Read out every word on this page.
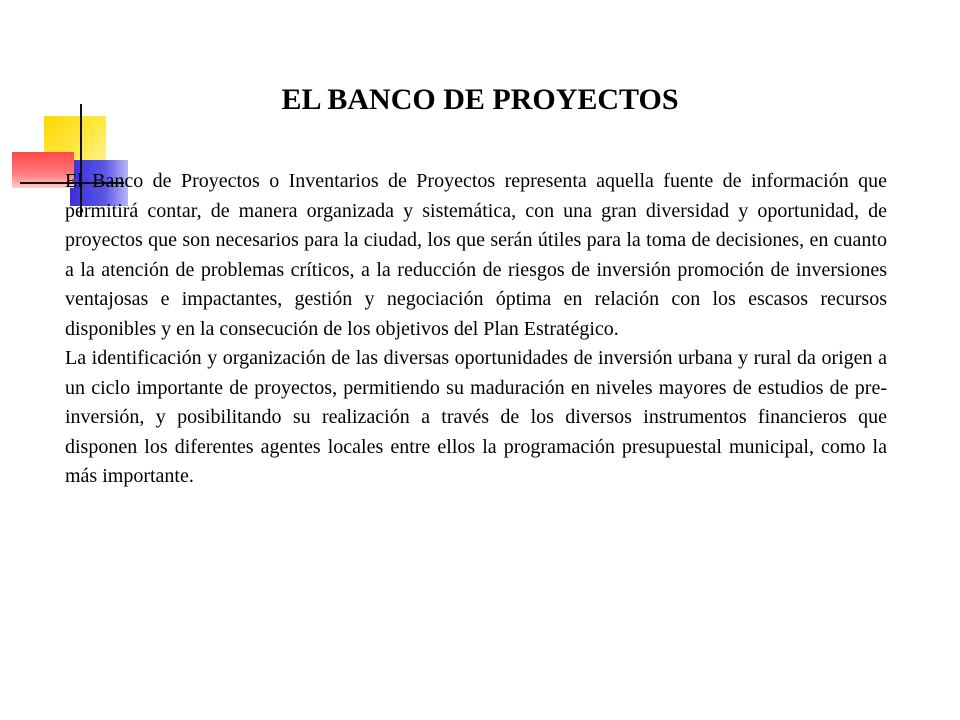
EL BANCO DE PROYECTOS

El Banco de Proyectos o Inventarios de Proyectos representa aquella fuente de información que permitirá contar, de manera organizada y sistemática, con una gran diversidad y oportunidad, de proyectos que son necesarios para la ciudad, los que serán útiles para la toma de decisiones, en cuanto a la atención de problemas críticos, a la reducción de riesgos de inversión promoción de inversiones ventajosas e impactantes, gestión y negociación óptima en relación con los escasos recursos disponibles y en la consecución de los objetivos del Plan Estratégico.

La identificación y organización de las diversas oportunidades de inversión urbana y rural da origen a un ciclo importante de proyectos, permitiendo su maduración en niveles mayores de estudios de pre-inversión, y posibilitando su realización a través de los diversos instrumentos financieros que disponen los diferentes agentes locales entre ellos la programación presupuestal municipal, como la más importante.
